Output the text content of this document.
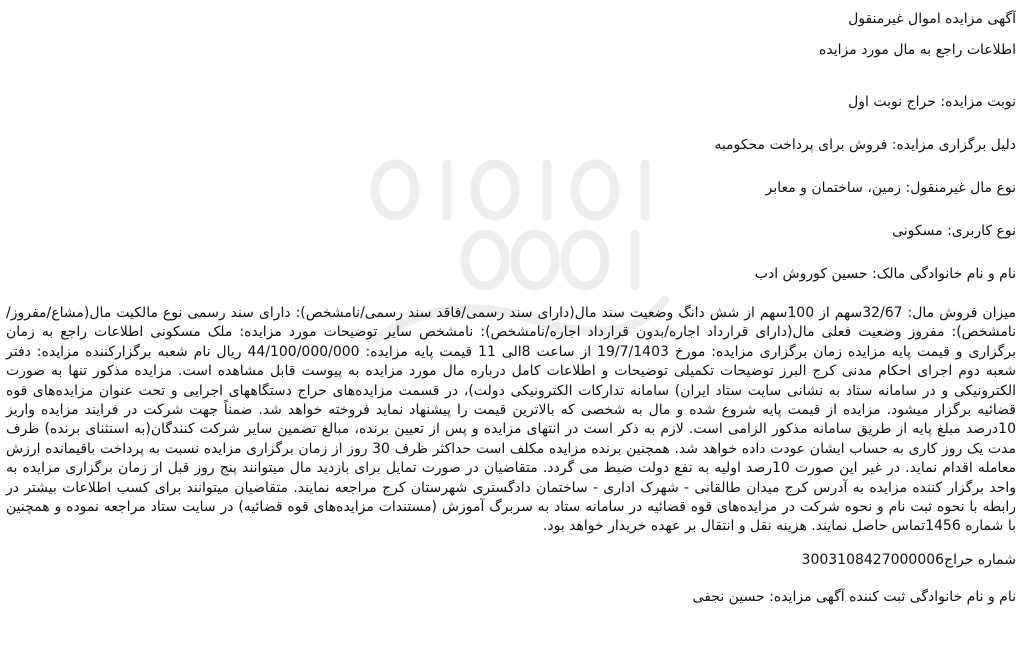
آگهی مزایده اموال غیرمنقول
اطلاعات راجع به مال مورد مزایده
نوبت مزایده: حراج نوبت اول
دلیل برگزاری مزایده: فروش برای پرداخت محکومبه
نوع مال غیرمنقول: زمین، ساختمان و معابر
نوع کاربری: مسکونی
نام و نام خانوادگی مالک: حسین کوروش ادب

میزان فروش مال: 32/67سهم از 100سهم از شش دانگ وضعیت سند مال(دارای سند رسمی/فاقد سند رسمی/نامشخص): دارای سند رسمی نوع مالکیت مال(مشاع/مفروز/نامشخص): مفروز وضعیت فعلی مال(دارای قرارداد اجاره/بدون قرارداد اجاره/نامشخص): نامشخص سایر توضیحات مورد مزایده: ملک مسکونی اطلاعات راجع به زمان برگزاری و قیمت پایه مزایده زمان برگزاری مزایده: مورخ 19/7/1403 از ساعت 8الی 11 قیمت پایه مزایده: 44/100/000/000 ریال نام شعبه برگزارکننده مزایده: دفتر شعبه دوم اجرای احکام مدنی کرج البرز توضیحات تکمیلی توضیحات و اطلاعات کامل درباره مال مورد مزایده به پیوست قابل مشاهده است. مزایده مذکور تنها به صورت الکترونیکی و در سامانه ستاد به نشانی سایت ستاد ایران) سامانه تدارکات الکترونیکی دولت)، در قسمت مزایده‌های حراج دستگاههای اجرایی و تحت عنوان مزایده‌های قوه قضائیه برگزار میشود. مزایده از قیمت پایه شروع شده و مال به شخصی که بالاترین قیمت را پیشنهاد نماید فروخته خواهد شد. ضمناً جهت شرکت در فرایند مزایده واریز 10درصد مبلغ پایه از طریق سامانه مذکور الزامی است. لازم به ذکر است در انتهای مزایده و پس از تعیین برنده، مبالغ تضمین سایر شرکت کنندگان(به استثنای برنده) ظرف مدت یک روز کاری به حساب ایشان عودت داده خواهد شد. همچنین برنده مزایده مکلف است حداکثر ظرف 30 روز از زمان برگزاری مزایده نسبت به پرداخت باقیمانده ارزش معامله اقدام نماید. در غیر این صورت 10رصد اولیه به نفع دولت ضبط می گردد. متقاضیان در صورت تمایل برای بازدید مال میتوانند پنج روز قبل از زمان برگزاری مزایده به واحد برگزار کننده مزایده به آدرس کرج میدان طالقانی - شهرک اداری - ساختمان دادگستری شهرستان کرج مراجعه نمایند. متقاضیان میتوانند برای کسب اطلاعات بیشتر در رابطه با نحوه ثبت نام و نحوه شرکت در مزایده‌های قوه قضائیه در سامانه ستاد به سربرگ آموزش (مستندات مزایده‌های قوه قضائیه) در سایت ستاد مراجعه نموده و همچنین با شماره 1456تماس حاصل نمایند. هزینه نقل و انتقال بر عهده خریدار خواهد بود.

شماره حراج3003108427000006
نام و نام خانوادگی ثبت کننده آگهی مزایده: حسین نجفی
